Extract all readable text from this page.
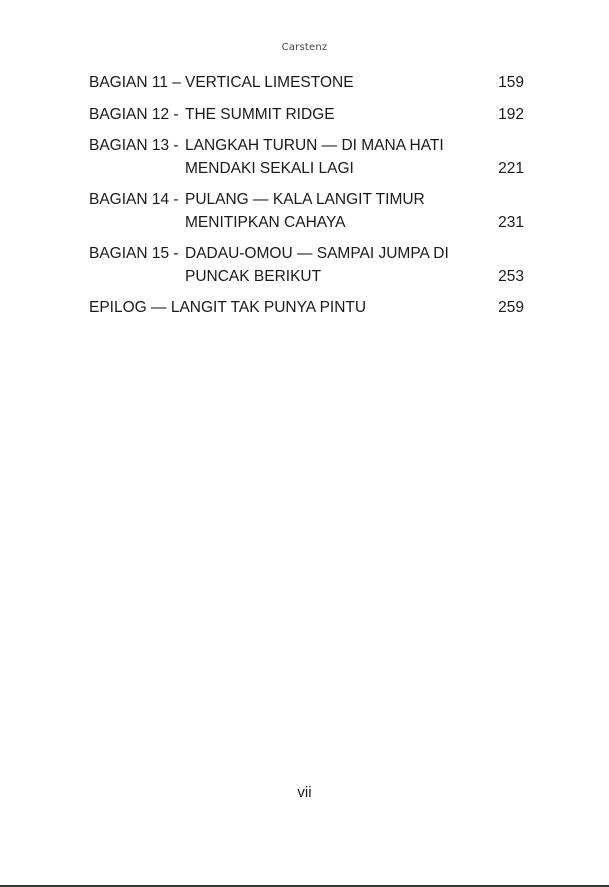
Carstenz
BAGIAN 11 – VERTICAL LIMESTONE	159
BAGIAN 12 - THE SUMMIT RIDGE	192
BAGIAN 13 - LANGKAH TURUN — DI MANA HATI MENDAKI SEKALI LAGI	221
BAGIAN 14 - PULANG — KALA LANGIT TIMUR MENITIPKAN CAHAYA	231
BAGIAN 15 - DADAU-OMOU — SAMPAI JUMPA DI PUNCAK BERIKUT	253
EPILOG — LANGIT TAK PUNYA PINTU	259
vii
